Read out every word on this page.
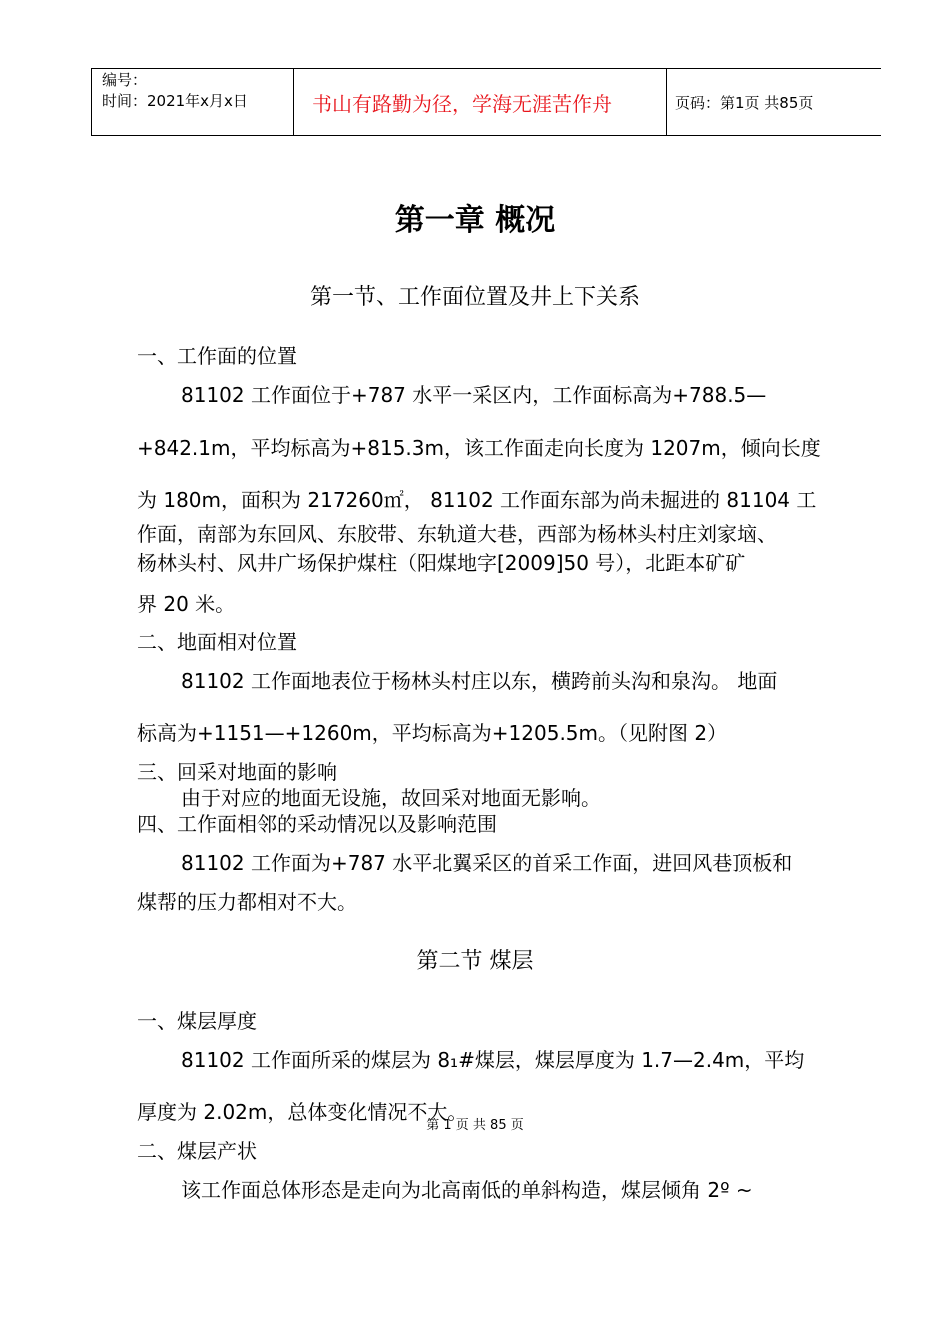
编号：
时间：2021年x月x日	书山有路勤为径，学海无涯苦作舟	页码：第1页 共85页
第一章 概况
第一节、工作面位置及井上下关系
一、工作面的位置
81102 工作面位于+787 水平一采区内，工作面标高为+788.5—
+842.1m，平均标高为+815.3m，该工作面走向长度为 1207m，倾向长度
为 180m，面积为 217260㎡， 81102 工作面东部为尚未掘进的 81104 工
作面，南部为东回风、东胶带、东轨道大巷，西部为杨林头村庄刘家垴、
杨林头村、风井广场保护煤柱（阳煤地字[2009]50 号），北距本矿矿
界 20 米。
二、地面相对位置
81102 工作面地表位于杨林头村庄以东，横跨前头沟和泉沟。 地面
标高为+1151—+1260m，平均标高为+1205.5m。（见附图 2）
三、回采对地面的影响
由于对应的地面无设施，故回采对地面无影响。
四、工作面相邻的采动情况以及影响范围
81102 工作面为+787 水平北翼采区的首采工作面，进回风巷顶板和
煤帮的压力都相对不大。
第二节 煤层
一、煤层厚度
81102 工作面所采的煤层为 8₁#煤层，煤层厚度为 1.7—2.4m，平均
厚度为 2.02m，总体变化情况不大。
第 1 页 共 85 页
二、煤层产状
该工作面总体形态是走向为北高南低的单斜构造，煤层倾角 2º ~
